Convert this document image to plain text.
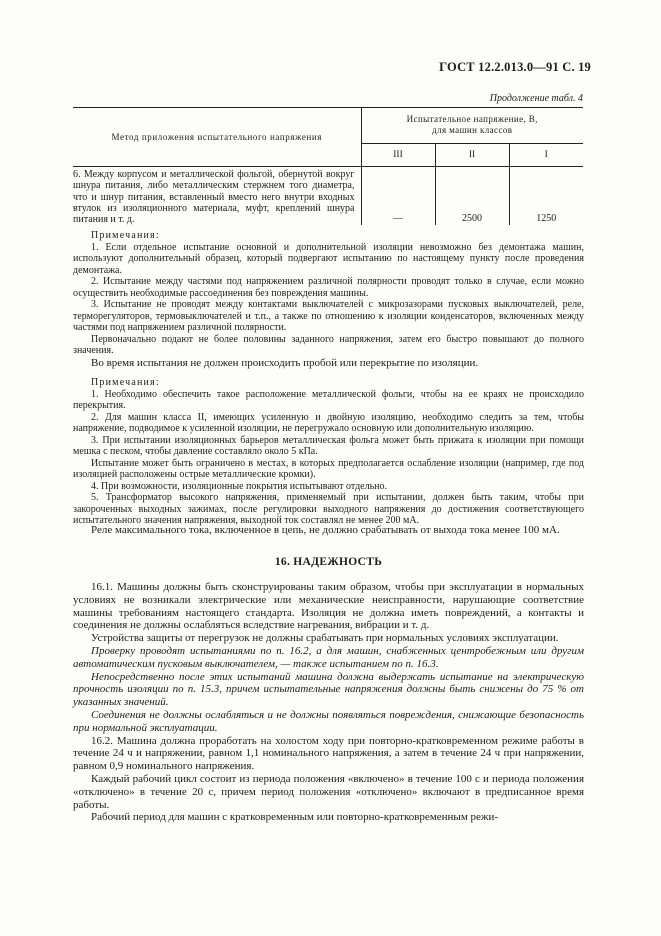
ГОСТ 12.2.013.0—91 С. 19
Продолжение табл. 4
Метод приложения испытательного напряжения	Испытательное напряжение, В,
для машин классов		

	III	II	I
6. Между корпусом и металлической фольгой, обернутой вокруг шнура питания, либо металлическим стержнем того диаметра, что и шнур питания, вставленный вместо него внутри входных втулок из изоляционного материала, муфт, креплений шнура питания и т. д.	—	2500	1250

Примечания:

1. Если отдельное испытание основной и дополнительной изоляции невозможно без демонтажа машин, используют дополнительный образец, который подвергают испытанию по настоящему пункту после проведения демонтажа.

2. Испытание между частями под напряжением различной полярности проводят только в случае, если можно осуществить необходимые рассоединения без повреждения машины.

3. Испытание не проводят между контактами выключателей с микрозазорами пусковых выключателей, реле, терморегуляторов, термовыключателей и т.п., а также по отношению к изоляции конденсаторов, включенных между частями под напряжением различной полярности.

Первоначально подают не более половины заданного напряжения, затем его быстро повышают до полного значения.

Во время испытания не должен происходить пробой или перекрытие по изоляции.

Примечания:

1. Необходимо обеспечить такое расположение металлической фольги, чтобы на ее краях не происходило перекрытия.

2. Для машин класса II, имеющих усиленную и двойную изоляцию, необходимо следить за тем, чтобы напряжение, подводимое к усиленной изоляции, не перегружало основную или дополнительную изоляцию.

3. При испытании изоляционных барьеров металлическая фольга может быть прижата к изоляции при помощи мешка с песком, чтобы давление составляло около 5 кПа.

Испытание может быть ограничено в местах, в которых предполагается ослабление изоляции (например, где под изоляцией расположены острые металлические кромки).

4. При возможности, изоляционные покрытия испытывают отдельно.

5. Трансформатор высокого напряжения, применяемый при испытании, должен быть таким, чтобы при закороченных выходных зажимах, после регулировки выходного напряжения до достижения соответствующего испытательного значения напряжения, выходной ток составлял не менее 200 мА.

Реле максимального тока, включенное в цепь, не должно срабатывать от выхода тока менее 100 мА.

16. НАДЕЖНОСТЬ

16.1. Машины должны быть сконструированы таким образом, чтобы при эксплуатации в нормальных условиях не возникали электрические или механические неисправности, нарушающие соответствие машины требованиям настоящего стандарта. Изоляция не должна иметь повреждений, а контакты и соединения не должны ослабляться вследствие нагревания, вибрации и т. д.

Устройства защиты от перегрузок не должны срабатывать при нормальных условиях эксплуатации.

Проверку проводят испытаниями по п. 16.2, а для машин, снабженных центробежным или другим автоматическим пусковым выключателем, — также испытанием по п. 16.3.

Непосредственно после этих испытаний машина должна выдержать испытание на электрическую прочность изоляции по п. 15.3, причем испытательные напряжения должны быть снижены до 75 % от указанных значений.

Соединения не должны ослабляться и не должны появляться повреждения, снижающие безопасность при нормальной эксплуатации.

16.2. Машина должна проработать на холостом ходу при повторно-кратковременном режиме работы в течение 24 ч и напряжении, равном 1,1 номинального напряжения, а затем в течение 24 ч при напряжении, равном 0,9 номинального напряжения.

Каждый рабочий цикл состоит из периода положения «включено» в течение 100 с и периода положения «отключено» в течение 20 с, причем период положения «отключено» включают в предписанное время работы.

Рабочий период для машин с кратковременным или повторно-кратковременным режи-
